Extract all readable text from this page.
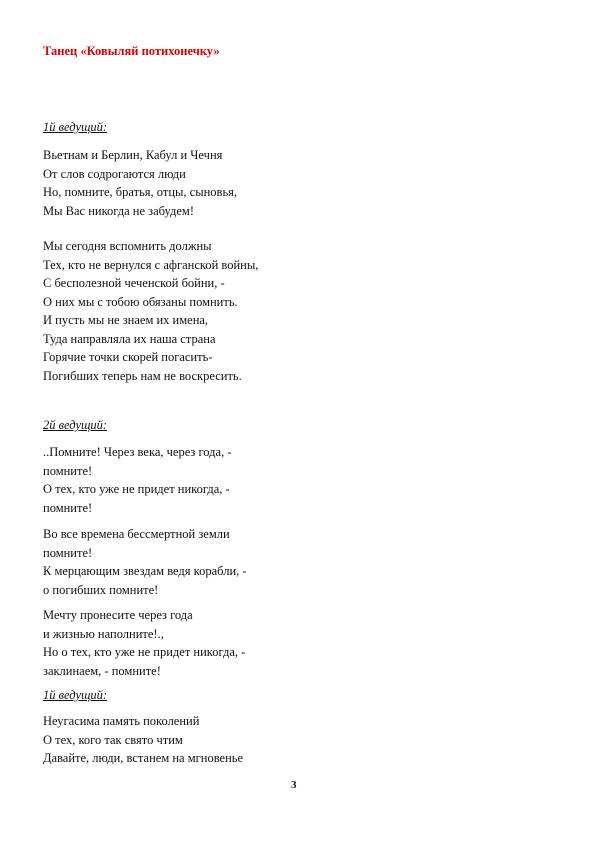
Танец «Ковыляй потихонечку»
1й ведущий:
Вьетнам и Берлин, Кабул и Чечня
От слов содрогаются люди
Но, помните, братья, отцы, сыновья,
Мы Вас никогда не забудем!
Мы сегодня вспомнить должны
Тех, кто не вернулся с афганской войны,
С бесполезной чеченской бойни, -
О них мы с тобою обязаны помнить.
И пусть мы не знаем их имена,
Туда направляла их наша страна
Горячие точки скорей погасить-
Погибших теперь нам не воскресить.
2й ведущий:
..Помните! Через века, через года, -
помните!
О тех, кто уже не придет никогда, -
помните!
Во все времена бессмертной земли
помните!
К мерцающим звездам ведя корабли, -
о погибших помните!
Мечту пронесите через года
и жизнью наполните!.,
Но о тех, кто уже не придет никогда, -
заклинаем, - помните!
1й ведущий:
Неугасима память поколений
О тех, кого так свято чтим
Давайте, люди, встанем на мгновенье
3
